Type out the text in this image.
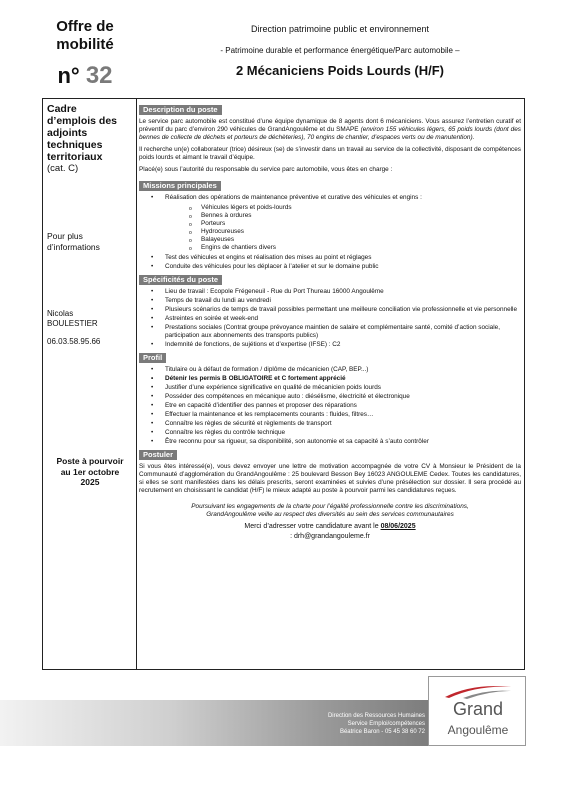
Offre de
mobilité
n° 32
Direction patrimoine public et environnement
- Patrimoine durable et performance énergétique/Parc automobile –
2 Mécaniciens Poids Lourds (H/F)
Cadre
d’emplois des
adjoints
techniques
territoriaux
(cat. C)
Pour plus
d’informations
Nicolas
BOULESTIER
06.03.58.95.66
Poste à pourvoir
au 1er octobre
2025
Description du poste
Le service parc automobile est constitué d’une équipe dynamique de 8 agents dont 6 mécaniciens. Vous assurez l’entretien curatif et préventif du parc d’environ 290 véhicules de GrandAngoulême et du SMAPE (environ 155 véhicules légers, 65 poids lourds (dont des bennes de collecte de déchets et porteurs de déchèteries), 70 engins de chantier, d’espaces verts ou de manutention).
Il recherche un(e) collaborateur (trice) désireux (se) de s’investir dans un travail au service de la collectivité, disposant de compétences poids lourds et aimant le travail d’équipe.
Placé(e) sous l’autorité du responsable du service parc automobile, vous êtes en charge :
Missions principales
• Réalisation des opérations de maintenance préventive et curative des véhicules et engins :
o Véhicules légers et poids-lourds
o Bennes à ordures
o Porteurs
o Hydrocureuses
o Balayeuses
o Engins de chantiers divers
• Test des véhicules et engins et réalisation des mises au point et réglages
• Conduite des véhicules pour les déplacer à l’atelier et sur le domaine public
Spécificités du poste
• Lieu de travail : Ecopole Frégeneuil - Rue du Port Thureau 16000 Angoulême
• Temps de travail du lundi au vendredi
• Plusieurs scénarios de temps de travail possibles permettant une meilleure conciliation vie professionnelle et vie personnelle
• Astreintes en soirée et week-end
• Prestations sociales (Contrat groupe prévoyance maintien de salaire et complémentaire santé, comité d’action sociale, participation aux abonnements des transports publics)
• Indemnité de fonctions, de sujétions et d’expertise (IFSE) : C2
Profil
• Titulaire ou à défaut de formation / diplôme de mécanicien (CAP, BEP...)
• Détenir les permis B OBLIGATOIRE et C fortement apprécié
• Justifier d’une expérience significative en qualité de mécanicien poids lourds
• Posséder des compétences en mécanique auto : diésélisme, électricité et électronique
• Etre en capacité d’identifier des pannes et proposer des réparations
• Effectuer la maintenance et les remplacements courants : fluides, filtres…
• Connaître les règles de sécurité et règlements de transport
• Connaître les règles du contrôle technique
• Être reconnu pour sa rigueur, sa disponibilité, son autonomie et sa capacité à s’auto contrôler
Postuler
Si vous êtes intéressé(e), vous devez envoyer une lettre de motivation accompagnée de votre CV à Monsieur le Président de la Communauté d’agglomération du GrandAngoulême : 25 boulevard Besson Bey 16023 ANGOULEME Cedex. Toutes les candidatures, si elles se sont manifestées dans les délais prescrits, seront examinées et suivies d’une présélection sur dossier. Il sera procédé au recrutement en choisissant le candidat (H/F) le mieux adapté au poste à pourvoir parmi les candidatures reçues.
Poursuivant les engagements de la charte pour l’égalité professionnelle contre les discriminations,
GrandAngoulême veille au respect des diversités au sein des services communautaires
Merci d’adresser votre candidature avant le 08/06/2025
: drh@grandangouleme.fr
Direction des Ressources Humaines
Service Emploi/compétences
Béatrice Baron - 05 45 38 60 72
Grand
Angoulême
